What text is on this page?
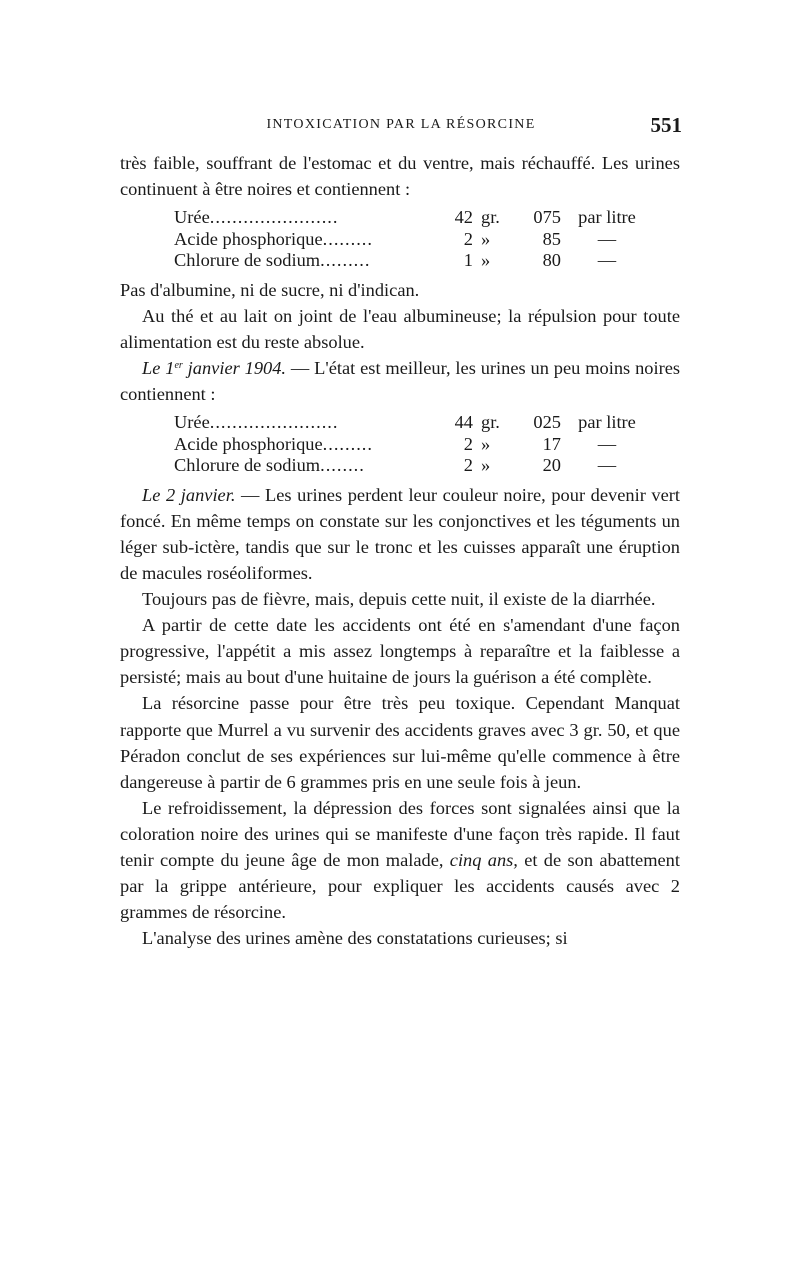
INTOXICATION PAR LA RÉSORCINE	551

très faible, souffrant de l'estomac et du ventre, mais réchauffé. Les urines continuent à être noires et contiennent :

Urée.......................	42	gr.	075	par litre
Acide phosphorique.........	2	»	85	—
Chlorure de sodium.........	1	»	80	—

Pas d'albumine, ni de sucre, ni d'indican.

Au thé et au lait on joint de l'eau albumineuse; la répulsion pour toute alimentation est du reste absolue.

Le 1er janvier 1904. — L'état est meilleur, les urines un peu moins noires contiennent :

Urée.......................	44	gr.	025	par litre
Acide phosphorique.........	2	»	17	—
Chlorure de sodium........	2	»	20	—

Le 2 janvier. — Les urines perdent leur couleur noire, pour devenir vert foncé. En même temps on constate sur les conjonctives et les téguments un léger sub-ictère, tandis que sur le tronc et les cuisses apparaît une éruption de macules roséoliformes.

Toujours pas de fièvre, mais, depuis cette nuit, il existe de la diarrhée.

A partir de cette date les accidents ont été en s'amendant d'une façon progressive, l'appétit a mis assez longtemps à reparaître et la faiblesse a persisté; mais au bout d'une huitaine de jours la guérison a été complète.

La résorcine passe pour être très peu toxique. Cependant Manquat rapporte que Murrel a vu survenir des accidents graves avec 3 gr. 50, et que Péradon conclut de ses expériences sur lui-même qu'elle commence à être dangereuse à partir de 6 grammes pris en une seule fois à jeun.

Le refroidissement, la dépression des forces sont signalées ainsi que la coloration noire des urines qui se manifeste d'une façon très rapide. Il faut tenir compte du jeune âge de mon malade, cinq ans, et de son abattement par la grippe antérieure, pour expliquer les accidents causés avec 2 grammes de résorcine.

L'analyse des urines amène des constatations curieuses; si
